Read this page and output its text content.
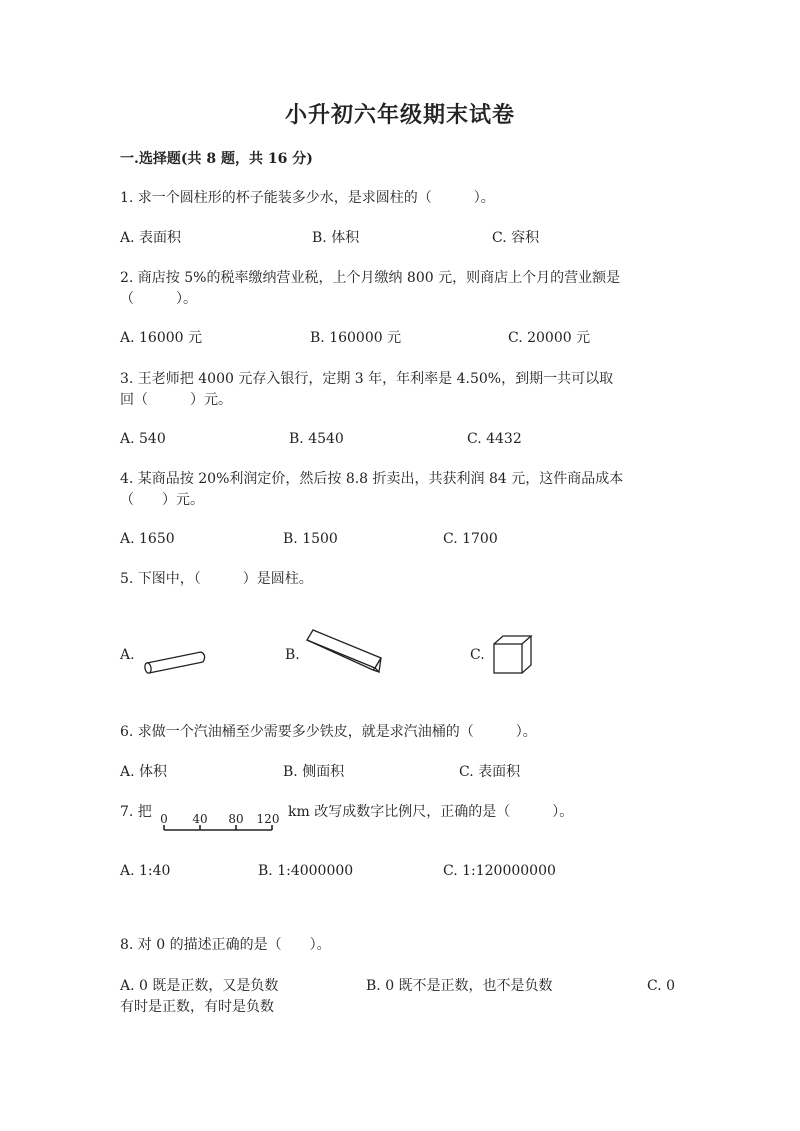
小升初六年级期末试卷
一.选择题(共 8 题，共 16 分)
1. 求一个圆柱形的杯子能装多少水，是求圆柱的（　　　）。
A. 表面积	B. 体积	C. 容积
2. 商店按 5%的税率缴纳营业税，上个月缴纳 800 元，则商店上个月的营业额是
（　　　）。
A. 16000 元	B. 160000 元	C. 20000 元
3. 王老师把 4000 元存入银行，定期 3 年，年利率是 4.50%，到期一共可以取
回（　　　）元。
A. 540	B. 4540	C. 4432
4. 某商品按 20%利润定价，然后按 8.8 折卖出，共获利润 84 元，这件商品成本
（　　）元。
A. 1650	B. 1500	C. 1700
5. 下图中，（　　　）是圆柱。
A.	B.	C.
6. 求做一个汽油桶至少需要多少铁皮，就是求汽油桶的（　　　）。
A. 体积	B. 侧面积	C. 表面积
7. 把 0 40 80 120 km 改写成数字比例尺，正确的是（　　　）。
A. 1:40	B. 1:4000000	C. 1:120000000
8. 对 0 的描述正确的是（　　）。
A. 0 既是正数，又是负数	B. 0 既不是正数，也不是负数	C. 0
有时是正数，有时是负数
